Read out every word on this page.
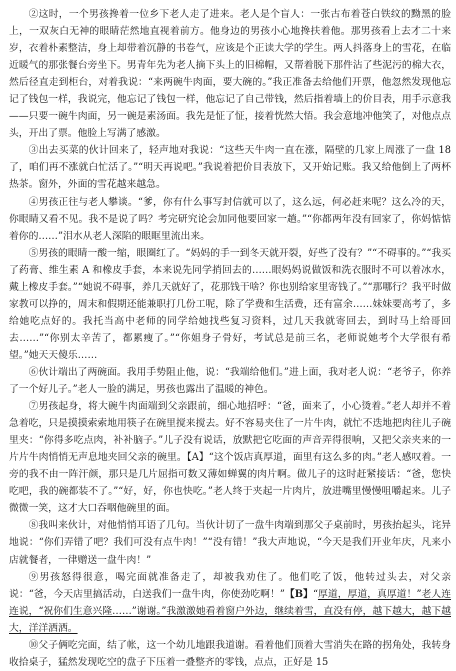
②这时，一个男孩搀着一位乡下老人走了进来。老人是个盲人：一张古布着苍白铁纹的黝黑的脸上，一双灰白无神的眼睛茫然地直视着前方。他身边的男孩小心地搀扶着他。那男孩看上去才二十来岁，衣着朴素整洁，身上却带着沉静的书卷气，应该是个正读大学的学生。两人抖落身上的雪花，在临近暖气的那张餐台旁坐下。男青年先为老人摘下头上的旧棉帽，又帮着脱下那件沾了些泥污的棉大衣，然后径直走到柜台，对着我说：“来两碗牛肉面，要大碗的。”我正准备去给他们开票，他忽然发现他忘记了钱包一样，我说完，他忘记了钱包一样，他忘记了自己带钱，然后指着墙上的价目表，用手示意我——只要一碗牛肉面，另一碗是素汤面。我先是怔了怔，接着恍然大悟。我会意地冲他笑了，对他点点头，开出了票。他脸上写满了感激。

③出去买菜的伙计回来了，轻声地对我说：“这些天牛肉一直在涨，隔壁的几家上周涨了一盘 18 了，咱们再不涨就白忙活了。”“明天再说吧。”我说着把价目表放下，又开始记账。我又给他倒上了两杯热茶。窗外，外面的雪花越来越急。

④男孩正往与老人攀谈。“爹，你有什么事写封信就可以了，这么远，何必赶来呢？这么冷的天，你眼睛又看不见。我不是说了吗？考完研究论会加同他要回家一趟。”“你都两年没有回家了，你妈惦惦着你的……”泪水从老人深陷的眼眶里流出来。

⑤男孩的眼睛一酸一缩，眼圈红了。“妈妈的手一到冬天就开裂，好些了没有？”“不碍事的。”“我买了药膏、维生素 A 和橡皮手套，本来说先同学捎回去的……眼妈妈说做饭和洗衣服时不可以着冰水，戴上橡皮手套。”“她说不碍事，养几天就好了，花那钱干啥？你也别给家里寄钱了。”“那哪行？我平时做家教可以挣的，周末和假期还能兼职打几份工呢，除了学费和生活费，还有富余……妹妹要高考了，多给她吃点好的。我托当高中老师的同学给她找些复习资料，过几天我就寄回去，到时马上给哥回去……”“你别太辛苦了，都累瘦了。”“你姐身子骨好，考试总是前三名，老师说她考个大学很有希望。”她天天傻乐……

⑥伙计端出了两碗面。我用手势阻止他，说：“我端给他们。”进上面，我对老人说：“老爷子，你养了一个好儿子。”老人一脸的满足，男孩也露出了温暖的神色。

⑦男孩起身，将大碗牛肉面端到父亲跟前，细心地招呼：“爸，面来了，小心烫着。”老人却并不着急着吃，只是摸摸索索地用筷子在碗里搅来搅去。好不容易夹住了一片牛肉，就忙不迭地把肉往儿子碗里夹：“你得多吃点肉，补补脑子。”儿子没有说话，放默把它吃面的声音弄得很响，又把父亲夹来的一片片牛肉悄悄无声息地夹回父亲的碗里。【A】“这个饭店真厚道，面里有这么多的肉。”老人感叹着。一旁的我不由一阵汗颜，那只是几片屈指可数又薄如蝉翼的肉片啊。做儿子的这时赶紧接话：“爸，您快吃吧，我的碗都装不了。”“好，好，你也快吃。”老人终于夹起一片肉片，放进嘴里慢慢咀嚼起来。儿子微微一笑，这才大口吞咽他碗里的面。

⑧我叫来伙计，对他悄悄耳语了几句。当伙计切了一盘牛肉端到那父子桌前时，男孩抬起头，诧异地说：“你们弄错了吧？我们可没有点牛肉！”“没有错！”我大声地说，“今天是我们开业年庆，凡来小店就餐者，一律赠送一盘牛肉！”

⑨男孩怒得很意，喝完面就准备走了，却被我劝住了。他们吃了饭，他转过头去，对父亲说：“爸，今天店里搞活动，白送我们一盘牛肉，你使劲吃啊！”【B】“厚道，厚道，真厚道！”老人连连说，“祝你们生意兴隆……”谢谢。”我激激她看着窗户外边，继续着雪，直没有停，越下越大，越下越大，洋洋洒洒。

⑩父子俩吃完面，结了帐，这一个幼儿地跟我道谢。看着他们顶着大雪消失在路的拐角处，我转身收拾桌子，猛然发现吃空的盘子下压着一叠整齐的零钱，点点，正好是 15
